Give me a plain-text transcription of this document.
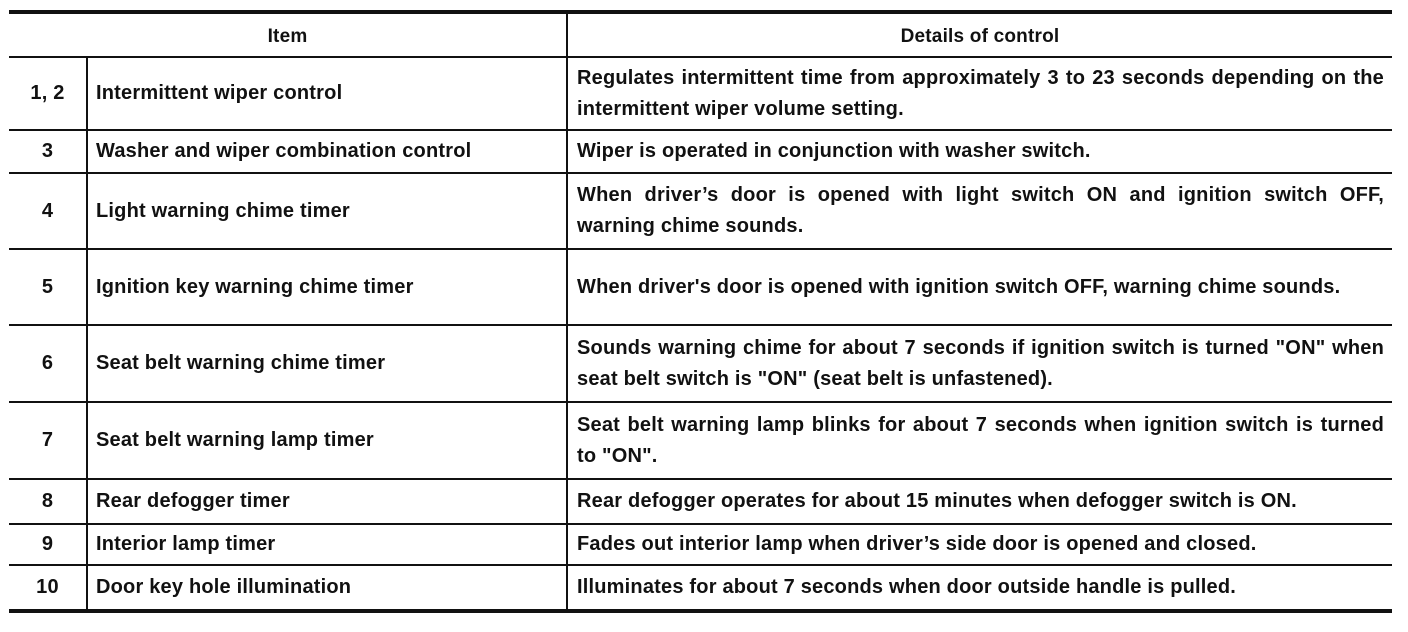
Item		Details of control
1, 2	Intermittent wiper control	Regulates intermittent time from approximately 3 to 23 seconds depending on the intermittent wiper volume setting.
3	Washer and wiper combination control	Wiper is operated in conjunction with washer switch.
4	Light warning chime timer	When driver’s door is opened with light switch ON and ignition switch OFF, warning chime sounds.
5	Ignition key warning chime timer	When driver's door is opened with ignition switch OFF, warning chime sounds.
6	Seat belt warning chime timer	Sounds warning chime for about 7 seconds if ignition switch is turned "ON" when seat belt switch is "ON" (seat belt is unfastened).
7	Seat belt warning lamp timer	Seat belt warning lamp blinks for about 7 seconds when ignition switch is turned to "ON".
8	Rear defogger timer	Rear defogger operates for about 15 minutes when defogger switch is ON.
9	Interior lamp timer	Fades out interior lamp when driver’s side door is opened and closed.
10	Door key hole illumination	Illuminates for about 7 seconds when door outside handle is pulled.
